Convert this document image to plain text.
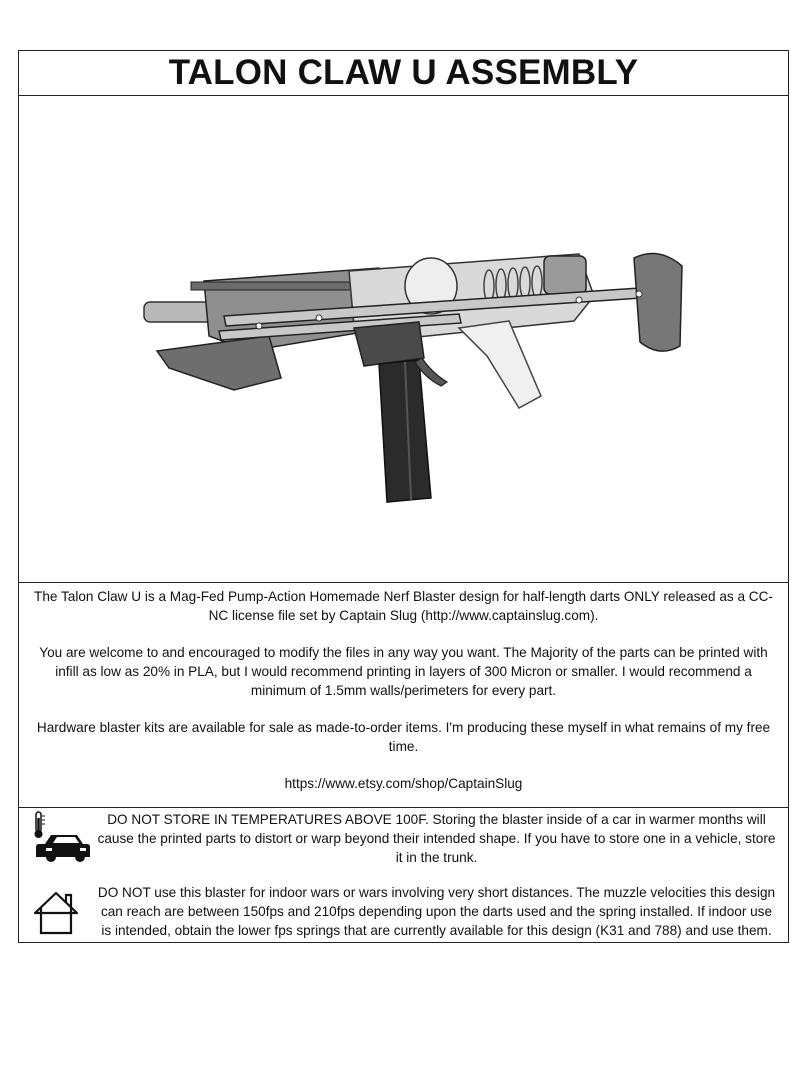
TALON CLAW U ASSEMBLY

The Talon Claw U is a Mag-Fed Pump-Action Homemade Nerf Blaster design for half-length darts ONLY released as a CC-NC license file set by Captain Slug (http://www.captainslug.com).

You are welcome to and encouraged to modify the files in any way you want. The Majority of the parts can be printed with infill as low as 20% in PLA, but I would recommend printing in layers of 300 Micron or smaller. I would recommend a minimum of 1.5mm walls/perimeters for every part.

Hardware blaster kits are available for sale as made-to-order items. I'm producing these myself in what remains of my free time.

https://www.etsy.com/shop/CaptainSlug

DO NOT STORE IN TEMPERATURES ABOVE 100F. Storing the blaster inside of a car in warmer months will cause the printed parts to distort or warp beyond their intended shape. If you have to store one in a vehicle, store it in the trunk.
DO NOT use this blaster for indoor wars or wars involving very short distances. The muzzle velocities this design can reach are between 150fps and 210fps depending upon the darts used and the spring installed. If indoor use is intended, obtain the lower fps springs that are currently available for this design (K31 and 788) and use them.
